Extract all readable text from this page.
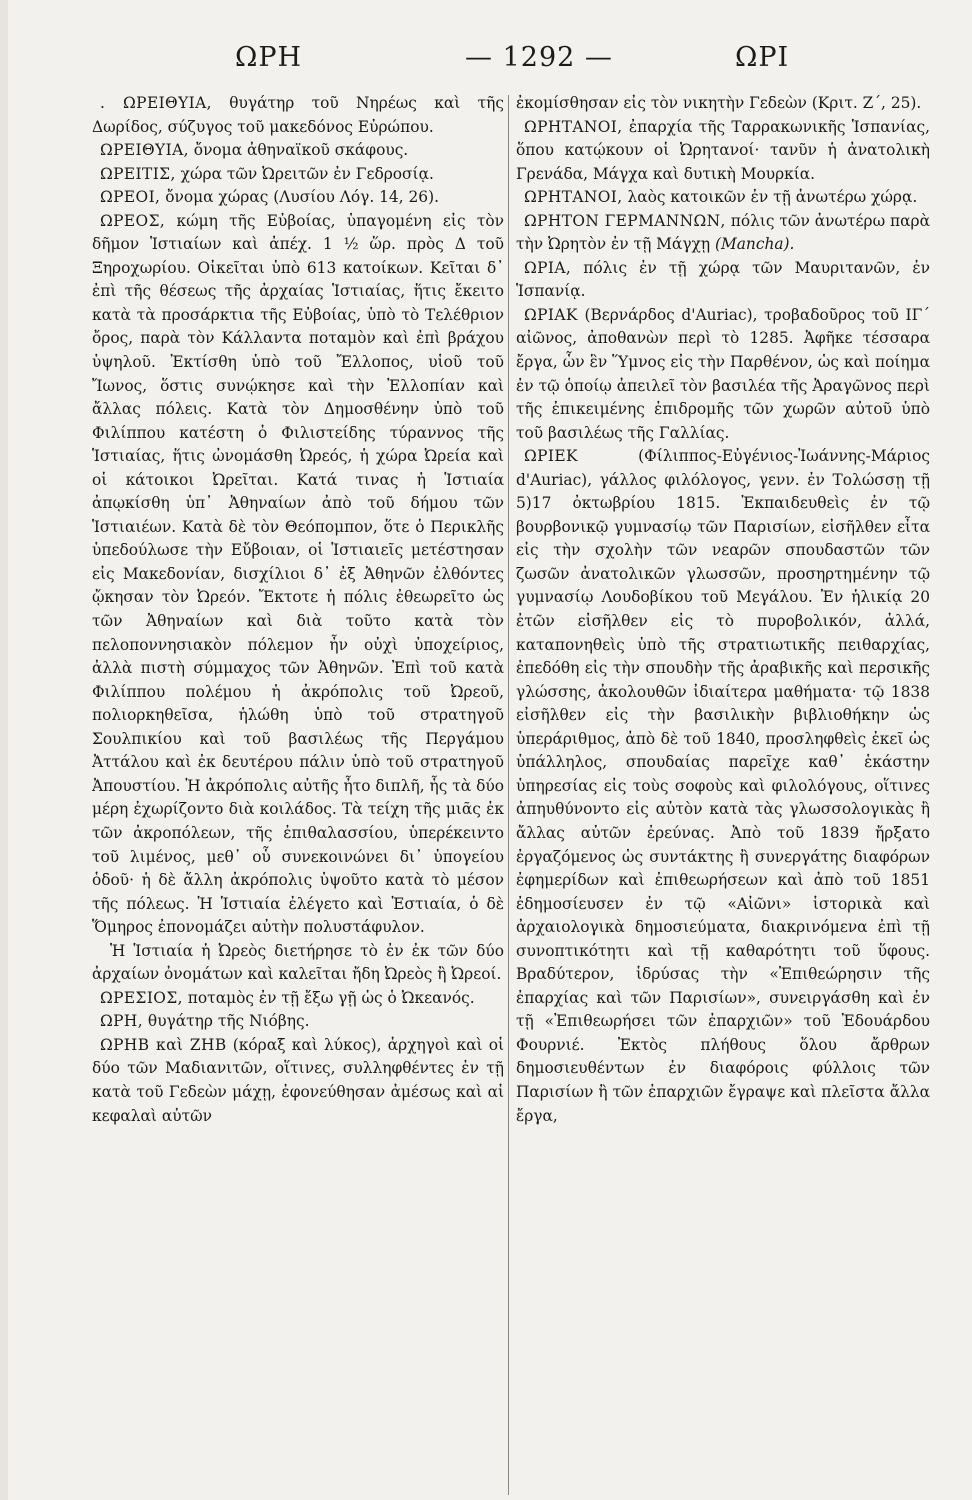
ΩΡΗ	— 1292 —	ΩΡΙ

. ΩΡΕΙΘΥΙΑ, θυγάτηρ τοῦ Νηρέως καὶ τῆς Δωρίδος, σύζυγος τοῦ μακεδόνος Εὐρώπου.

ΩΡΕΙΘΥΙΑ, ὄνομα ἀθηναϊκοῦ σκάφους.

ΩΡΕΙΤΙΣ, χώρα τῶν Ὠρειτῶν ἐν Γεδροσίᾳ.

ΩΡΕΟΙ, ὄνομα χώρας (Λυσίου Λόγ. 14, 26).

ΩΡΕΟΣ, κώμη τῆς Εὐβοίας, ὑπαγομένη εἰς τὸν δῆμον Ἱστιαίων καὶ ἀπέχ. 1 ½ ὥρ. πρὸς Δ τοῦ Ξηροχωρίου. Οἰκεῖται ὑπὸ 613 κατοίκων. Κεῖται δ᾽ ἐπὶ τῆς θέσεως τῆς ἀρχαίας Ἱστιαίας, ἥτις ἔκειτο κατὰ τὰ προσάρκτια τῆς Εὐβοίας, ὑπὸ τὸ Τελέθριον ὄρος, παρὰ τὸν Κάλλαντα ποταμὸν καὶ ἐπὶ βράχου ὑψηλοῦ. Ἐκτίσθη ὑπὸ τοῦ Ἔλλοπος, υἱοῦ τοῦ Ἴωνος, ὅστις συνῴκησε καὶ τὴν Ἐλλοπίαν καὶ ἄλλας πόλεις. Κατὰ τὸν Δημοσθένην ὑπὸ τοῦ Φιλίππου κατέστη ὁ Φιλιστείδης τύραννος τῆς Ἱστιαίας, ἥτις ὠνομάσθη Ὠρεός, ἡ χώρα Ὠρεία καὶ οἱ κάτοικοι Ὠρεῖται. Κατά τινας ἡ Ἱστιαία ἀπῳκίσθη ὑπ᾽ Ἀθηναίων ἀπὸ τοῦ δήμου τῶν Ἱστιαιέων. Κατὰ δὲ τὸν Θεόπομπον, ὅτε ὁ Περικλῆς ὑπεδούλωσε τὴν Εὔβοιαν, οἱ Ἱστιαιεῖς μετέστησαν εἰς Μακεδονίαν, δισχίλιοι δ᾽ ἐξ Ἀθηνῶν ἐλθόντες ᾤκησαν τὸν Ὠρεόν. Ἔκτοτε ἡ πόλις ἐθεωρεῖτο ὡς τῶν Ἀθηναίων καὶ διὰ τοῦτο κατὰ τὸν πελοποννησιακὸν πόλεμον ἦν οὐχὶ ὑποχείριος, ἀλλὰ πιστὴ σύμμαχος τῶν Ἀθηνῶν. Ἐπὶ τοῦ κατὰ Φιλίππου πολέμου ἡ ἀκρόπολις τοῦ Ὠρεοῦ, πολιορκηθεῖσα, ἡλώθη ὑπὸ τοῦ στρατηγοῦ Σουλπικίου καὶ τοῦ βασιλέως τῆς Περγάμου Ἀττάλου καὶ ἐκ δευτέρου πάλιν ὑπὸ τοῦ στρατηγοῦ Ἀπουστίου. Ἡ ἀκρόπολις αὐτῆς ἦτο διπλῆ, ἧς τὰ δύο μέρη ἐχωρίζοντο διὰ κοιλάδος. Τὰ τείχη τῆς μιᾶς ἐκ τῶν ἀκροπόλεων, τῆς ἐπιθαλασσίου, ὑπερέκειντο τοῦ λιμένος, μεθ᾽ οὗ συνεκοινώνει δι᾽ ὑπογείου ὁδοῦ· ἡ δὲ ἄλλη ἀκρόπολις ὑψοῦτο κατὰ τὸ μέσον τῆς πόλεως. Ἡ Ἱστιαία ἐλέγετο καὶ Ἑστιαία, ὁ δὲ Ὅμηρος ἐπονομάζει αὐτὴν πολυστάφυλον.

Ἡ Ἱστιαία ἡ Ὠρεὸς διετήρησε τὸ ἐν ἐκ τῶν δύο ἀρχαίων ὀνομάτων καὶ καλεῖται ἤδη Ὠρεὸς ἢ Ὠρεοί.

ΩΡΕΣΙΟΣ, ποταμὸς ἐν τῇ ἔξω γῇ ὡς ὁ Ὠκεανός.

ΩΡΗ, θυγάτηρ τῆς Νιόβης.

ΩΡΗΒ καὶ ΖΗΒ (κόραξ καὶ λύκος), ἀρχηγοὶ καὶ οἱ δύο τῶν Μαδιανιτῶν, οἵτινες, συλληφθέντες ἐν τῇ κατὰ τοῦ Γεδεὼν μάχῃ, ἐφονεύθησαν ἀμέσως καὶ αἱ κεφαλαὶ αὐτῶν

ἐκομίσθησαν εἰς τὸν νικητὴν Γεδεὼν (Κριτ. Ζ΄, 25).

ΩΡΗΤΑΝΟΙ, ἐπαρχία τῆς Ταρρακωνικῆς Ἱσπανίας, ὅπου κατῴκουν οἱ Ὠρητανοί· τανῦν ἡ ἀνατολικὴ Γρενάδα, Μάγχα καὶ δυτικὴ Μουρκία.

ΩΡΗΤΑΝΟΙ, λαὸς κατοικῶν ἐν τῇ ἀνωτέρω χώρᾳ.

ΩΡΗΤΟΝ ΓΕΡΜΑΝΝΩΝ, πόλις τῶν ἀνωτέρω παρὰ τὴν Ὠρητὸν ἐν τῇ Μάγχῃ (Mancha).

ΩΡΙΑ, πόλις ἐν τῇ χώρᾳ τῶν Μαυριτανῶν, ἐν Ἱσπανίᾳ.

ΩΡΙΑΚ (Βερνάρδος d'Auriac), τροβαδοῦρος τοῦ ΙΓ΄ αἰῶνος, ἀποθανὼν περὶ τὸ 1285. Ἀφῆκε τέσσαρα ἔργα, ὧν ἓν Ὕμνος εἰς τὴν Παρθένον, ὡς καὶ ποίημα ἐν τῷ ὁποίῳ ἀπειλεῖ τὸν βασιλέα τῆς Ἀραγῶνος περὶ τῆς ἐπικειμένης ἐπιδρομῆς τῶν χωρῶν αὐτοῦ ὑπὸ τοῦ βασιλέως τῆς Γαλλίας.

ΩΡΙΕΚ (Φίλιππος-Εὐγένιος-Ἰωάννης-Μάριος d'Auriac), γάλλος φιλόλογος, γενν. ἐν Τολώσσῃ τῇ 5)17 ὀκτωβρίου 1815. Ἐκπαιδευθεὶς ἐν τῷ βουρβονικῷ γυμνασίῳ τῶν Παρισίων, εἰσῆλθεν εἶτα εἰς τὴν σχολὴν τῶν νεαρῶν σπουδαστῶν τῶν ζωσῶν ἀνατολικῶν γλωσσῶν, προσηρτημένην τῷ γυμνασίῳ Λουδοβίκου τοῦ Μεγάλου. Ἐν ἡλικίᾳ 20 ἐτῶν εἰσῆλθεν εἰς τὸ πυροβολικόν, ἀλλά, καταπονηθεὶς ὑπὸ τῆς στρατιωτικῆς πειθαρχίας, ἐπεδόθη εἰς τὴν σπουδὴν τῆς ἀραβικῆς καὶ περσικῆς γλώσσης, ἀκολουθῶν ἰδιαίτερα μαθήματα· τῷ 1838 εἰσῆλθεν εἰς τὴν βασιλικὴν βιβλιοθήκην ὡς ὑπεράριθμος, ἀπὸ δὲ τοῦ 1840, προσληφθεὶς ἐκεῖ ὡς ὑπάλληλος, σπουδαίας παρεῖχε καθ᾽ ἑκάστην ὑπηρεσίας εἰς τοὺς σοφοὺς καὶ φιλολόγους, οἵτινες ἀπηυθύνοντο εἰς αὐτὸν κατὰ τὰς γλωσσολογικὰς ἢ ἄλλας αὐτῶν ἐρεύνας. Ἀπὸ τοῦ 1839 ἤρξατο ἐργαζόμενος ὡς συντάκτης ἢ συνεργάτης διαφόρων ἐφημερίδων καὶ ἐπιθεωρήσεων καὶ ἀπὸ τοῦ 1851 ἐδημοσίευσεν ἐν τῷ «Αἰῶνι» ἱστορικὰ καὶ ἀρχαιολογικὰ δημοσιεύματα, διακρινόμενα ἐπὶ τῇ συνοπτικότητι καὶ τῇ καθαρότητι τοῦ ὕφους. Βραδύτερον, ἱδρύσας τὴν «Ἐπιθεώρησιν τῆς ἐπαρχίας καὶ τῶν Παρισίων», συνειργάσθη καὶ ἐν τῇ «Ἐπιθεωρήσει τῶν ἐπαρχιῶν» τοῦ Ἐδουάρδου Φουρνιέ. Ἐκτὸς πλήθους ὅλου ἄρθρων δημοσιευθέντων ἐν διαφόροις φύλλοις τῶν Παρισίων ἢ τῶν ἐπαρχιῶν ἔγραψε καὶ πλεῖστα ἄλλα ἔργα,
